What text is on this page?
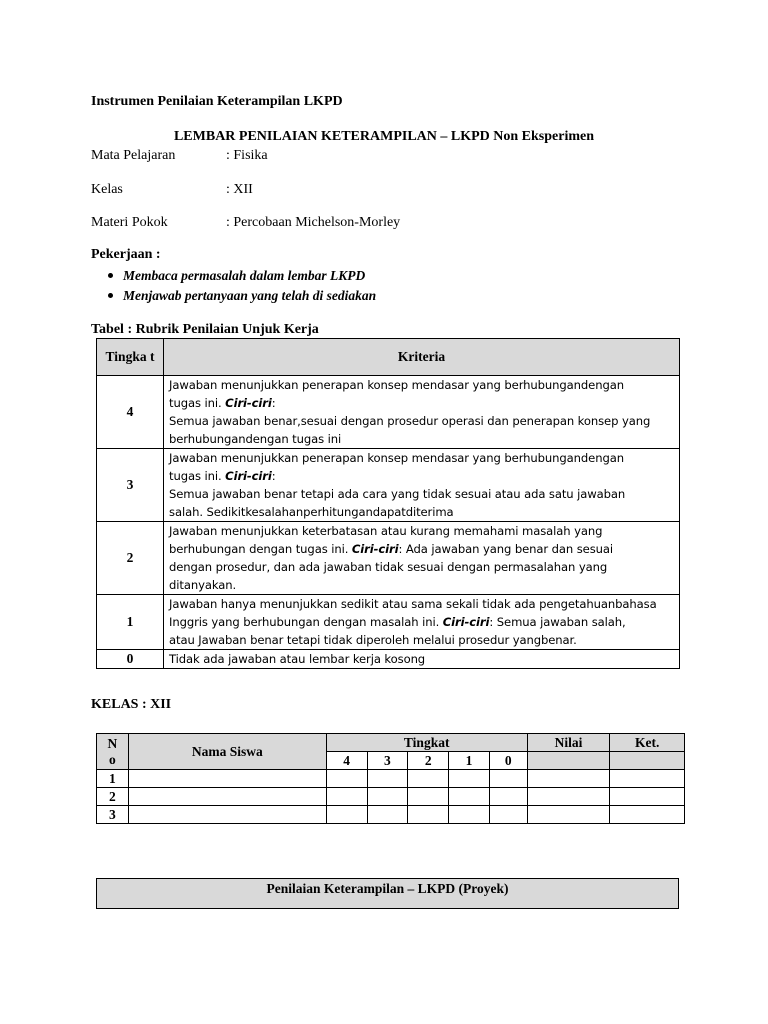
Instrumen Penilaian Keterampilan LKPD
LEMBAR PENILAIAN KETERAMPILAN – LKPD Non Eksperimen
Mata Pelajaran	: Fisika
Kelas	: XII
Materi Pokok	: Percobaan Michelson-Morley
Pekerjaan :
Membaca permasalah dalam lembar LKPD
Menjawab pertanyaan yang telah di sediakan
Tabel : Rubrik Penilaian Unjuk Kerja
Tingka t	Kriteria
4	Jawaban menunjukkan penerapan konsep mendasar yang berhubungandengan
tugas ini. Ciri-ciri:
Semua jawaban benar,sesuai dengan prosedur operasi dan penerapan konsep yang
berhubungandengan tugas ini

3	Jawaban menunjukkan penerapan konsep mendasar yang berhubungandengan
tugas ini. Ciri-ciri:
Semua jawaban benar tetapi ada cara yang tidak sesuai atau ada satu jawaban
salah. Sedikitkesalahanperhitungandapatditerima

2	Jawaban menunjukkan keterbatasan atau kurang memahami masalah yang
berhubungan dengan tugas ini. Ciri-ciri: Ada jawaban yang benar dan sesuai
dengan prosedur, dan ada jawaban tidak sesuai dengan permasalahan yang
ditanyakan.

1	Jawaban hanya menunjukkan sedikit atau sama sekali tidak ada pengetahuanbahasa
Inggris yang berhubungan dengan masalah ini. Ciri-ciri: Semua jawaban salah,
atau Jawaban benar tetapi tidak diperoleh melalui prosedur yangbenar.

0	Tidak ada jawaban atau lembar kerja kosong
KELAS : XII
N
o	Nama Siswa	Tingkat					Nilai	Ket.
		4	3	2	1	0		
1								
2								
3								
Penilaian Keterampilan – LKPD (Proyek)
